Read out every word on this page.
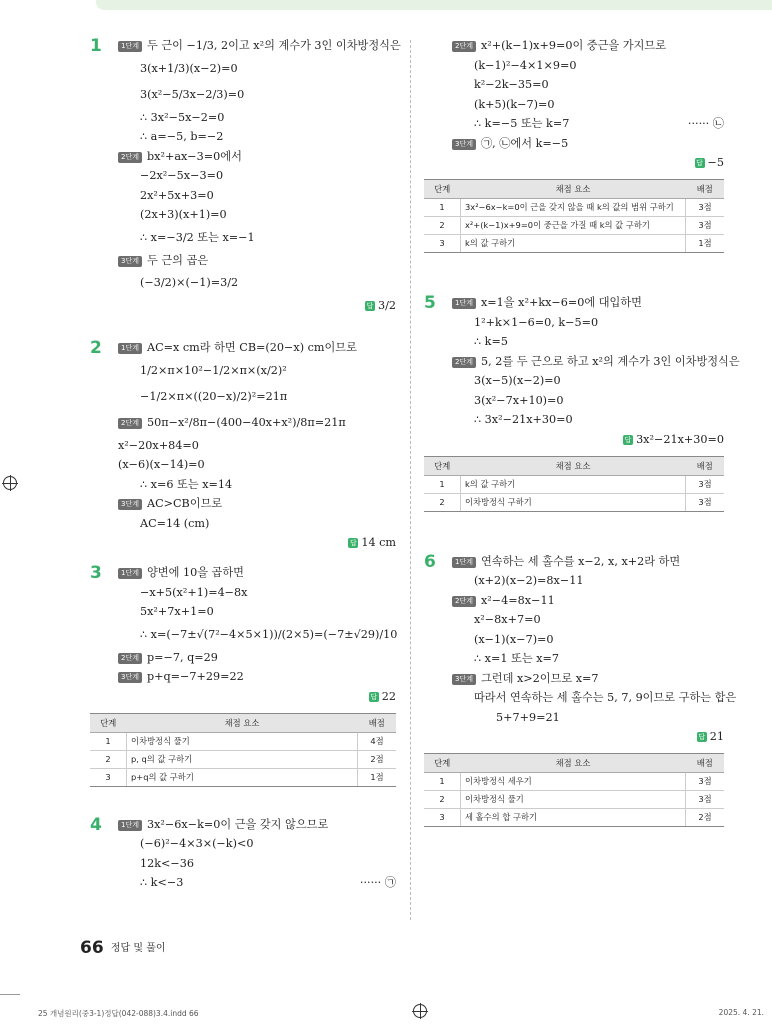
1	1단계 두 근이 −1/3, 2이고 x²의 계수가 3인 이차방정식은
3(x+1/3)(x−2)=0
3(x²−5/3x−2/3)=0
∴ 3x²−5x−2=0
∴ a=−5, b=−2
2단계 bx²+ax−3=0에서
−2x²−5x−3=0
2x²+5x+3=0
(2x+3)(x+1)=0
∴ x=−3/2 또는 x=−1
3단계 두 근의 곱은
(−3/2)×(−1)=3/2
답 3/2
2	1단계 AC=x cm라 하면 CB=(20−x) cm이므로
1/2×π×10²−1/2×π×(x/2)²
−1/2×π×((20−x)/2)²=21π
2단계 50π−x²/8π−(400−40x+x²)/8π=21π
x²−20x+84=0
(x−6)(x−14)=0
∴ x=6 또는 x=14
3단계 AC>CB이므로
AC=14 (cm)
답 14 cm
3	1단계 양변에 10을 곱하면
−x+5(x²+1)=4−8x
5x²+7x+1=0
∴ x=(−7±√(7²−4×5×1))/(2×5)=(−7±√29)/10
2단계 p=−7, q=29
3단계 p+q=−7+29=22
답 22
단계	채점 요소	배점
1	이차방정식 풀기	4점
2	p, q의 값 구하기	2점
3	p+q의 값 구하기	1점
4	1단계 3x²−6x−k=0이 근을 갖지 않으므로
(−6)²−4×3×(−k)<0
12k<−36
∴ k<−3	······ ㉠
2단계 x²+(k−1)x+9=0이 중근을 가지므로
(k−1)²−4×1×9=0
k²−2k−35=0
(k+5)(k−7)=0
∴ k=−5 또는 k=7	······ ㉡
3단계 ㉠, ㉡에서 k=−5
답 −5
단계	채점 요소	배점
1	3x²−6x−k=0이 근을 갖지 않을 때 k의 값의 범위 구하기	3점
2	x²+(k−1)x+9=0이 중근을 가질 때 k의 값 구하기	3점
3	k의 값 구하기	1점
5	1단계 x=1을 x²+kx−6=0에 대입하면
1²+k×1−6=0, k−5=0
∴ k=5
2단계 5, 2를 두 근으로 하고 x²의 계수가 3인 이차방정식은
3(x−5)(x−2)=0
3(x²−7x+10)=0
∴ 3x²−21x+30=0
답 3x²−21x+30=0
단계	채점 요소	배점
1	k의 값 구하기	3점
2	이차방정식 구하기	3점
6	1단계 연속하는 세 홀수를 x−2, x, x+2라 하면
(x+2)(x−2)=8x−11
2단계 x²−4=8x−11
x²−8x+7=0
(x−1)(x−7)=0
∴ x=1 또는 x=7
3단계 그런데 x>2이므로 x=7
따라서 연속하는 세 홀수는 5, 7, 9이므로 구하는 합은
5+7+9=21
답 21
단계	채점 요소	배점
1	이차방정식 세우기	3점
2	이차방정식 풀기	3점
3	세 홀수의 합 구하기	2점
66 정답 및 풀이
25 개념원리(중3-1)정답(042-088)3.4.indd 66	2025. 4. 21.
